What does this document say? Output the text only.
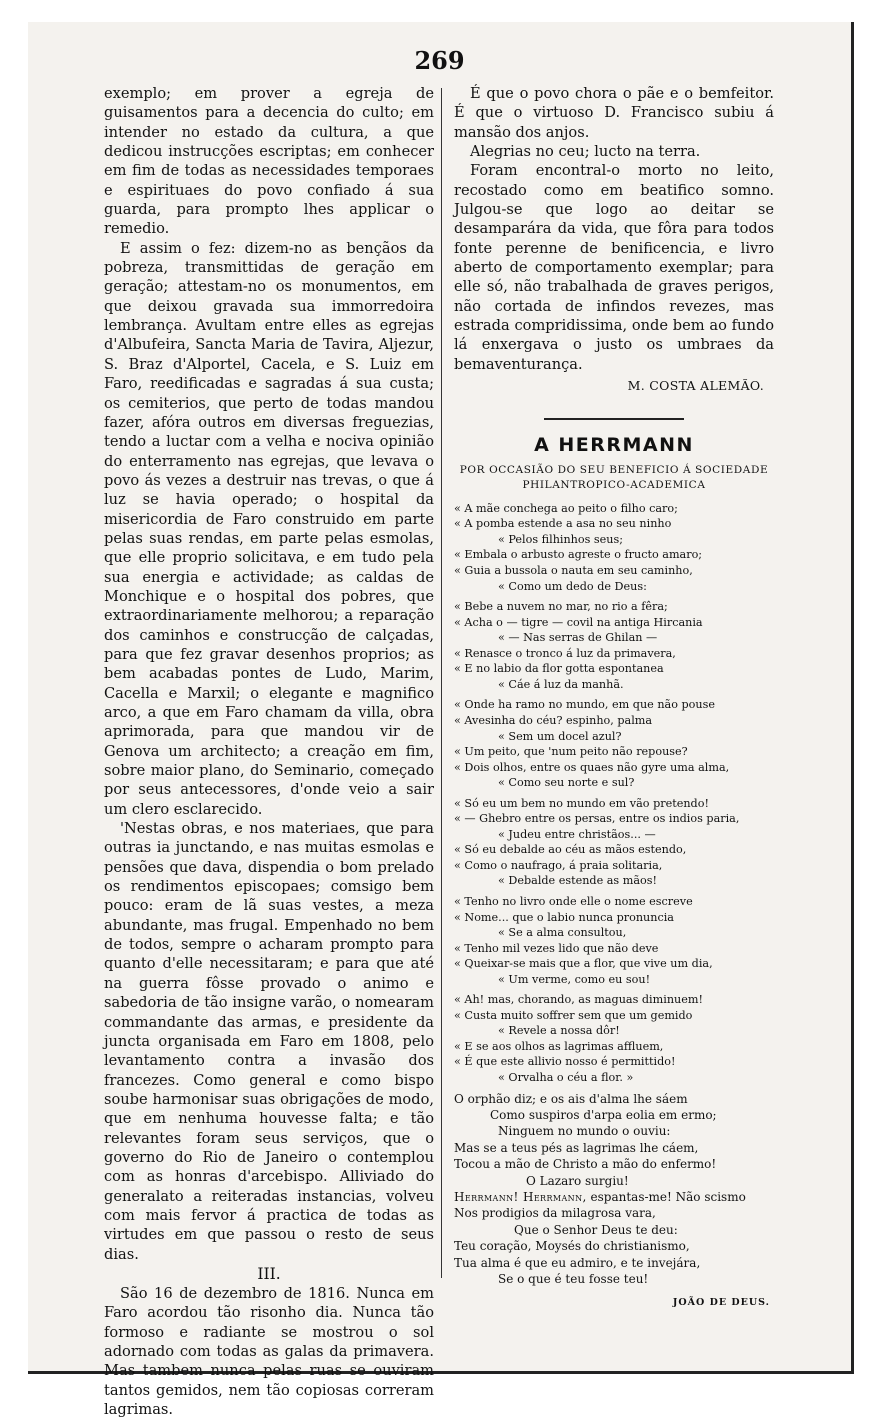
269

exemplo; em prover a egreja de guisamentos para a decencia do culto; em intender no estado da cultura, a que dedicou instrucções escriptas; em conhecer em fim de todas as necessidades temporaes e espirituaes do povo confiado á sua guarda, para prompto lhes applicar o remedio.

E assim o fez: dizem-no as bençãos da pobreza, transmittidas de geração em geração; attestam-no os monumentos, em que deixou gravada sua immorredoira lembrança. Avultam entre elles as egrejas d'Albufeira, Sancta Maria de Tavira, Aljezur, S. Braz d'Alportel, Cacela, e S. Luiz em Faro, reedificadas e sagradas á sua custa; os cemiterios, que perto de todas mandou fazer, afóra outros em diversas freguezias, tendo a luctar com a velha e nociva opinião do enterramento nas egrejas, que levava o povo ás vezes a destruir nas trevas, o que á luz se havia operado; o hospital da misericordia de Faro construido em parte pelas suas rendas, em parte pelas esmolas, que elle proprio solicitava, e em tudo pela sua energia e actividade; as caldas de Monchique e o hospital dos pobres, que extraordinariamente melhorou; a reparação dos caminhos e construcção de calçadas, para que fez gravar desenhos proprios; as bem acabadas pontes de Ludo, Marim, Cacella e Marxil; o elegante e magnifico arco, a que em Faro chamam da villa, obra aprimorada, para que mandou vir de Genova um architecto; a creação em fim, sobre maior plano, do Seminario, começado por seus antecessores, d'onde veio a sair um clero esclarecido.

'Nestas obras, e nos materiaes, que para outras ia junctando, e nas muitas esmolas e pensões que dava, dispendia o bom prelado os rendimentos episcopaes; comsigo bem pouco: eram de lã suas vestes, a meza abundante, mas frugal. Empenhado no bem de todos, sempre o acharam prompto para quanto d'elle necessitaram; e para que até na guerra fôsse provado o animo e sabedoria de tão insigne varão, o nomearam commandante das armas, e presidente da juncta organisada em Faro em 1808, pelo levantamento contra a invasão dos francezes. Como general e como bispo soube harmonisar suas obrigações de modo, que em nenhuma houvesse falta; e tão relevantes foram seus serviços, que o governo do Rio de Janeiro o contemplou com as honras d'arcebispo. Alliviado do generalato a reiteradas instancias, volveu com mais fervor á practica de todas as virtudes em que passou o resto de seus dias.

III.

São 16 de dezembro de 1816. Nunca em Faro acordou tão risonho dia. Nunca tão formoso e radiante se mostrou o sol adornado com todas as galas da primavera. Mas tambem nunca pelas ruas se ouviram tantos gemidos, nem tão copiosas correram lagrimas.

É que o povo chora o pãe e o bemfeitor. É que o virtuoso D. Francisco subiu á mansão dos anjos.

Alegrias no ceu; lucto na terra.

Foram encontral-o morto no leito, recostado como em beatifico somno. Julgou-se que logo ao deitar se desamparára da vida, que fôra para todos fonte perenne de benificencia, e livro aberto de comportamento exemplar; para elle só, não trabalhada de graves perigos, não cortada de infindos revezes, mas estrada compridissima, onde bem ao fundo lá enxergava o justo os umbraes da bemaventurança.

M. COSTA ALEMÃO.

A HERRMANN
POR OCCASIÃO DO SEU BENEFICIO Á SOCIEDADE
PHILANTROPICO-ACADEMICA
« A mãe conchega ao peito o filho caro;
« A pomba estende a asa no seu ninho
« Pelos filhinhos seus;
« Embala o arbusto agreste o fructo amaro;
« Guia a bussola o nauta em seu caminho,
« Como um dedo de Deus:
« Bebe a nuvem no mar, no rio a fêra;
« Acha o — tigre — covil na antiga Hircania
« — Nas serras de Ghilan —
« Renasce o tronco á luz da primavera,
« E no labio da flor gotta espontanea
« Cáe á luz da manhã.
« Onde ha ramo no mundo, em que não pouse
« Avesinha do céu? espinho, palma
« Sem um docel azul?
« Um peito, que 'num peito não repouse?
« Dois olhos, entre os quaes não gyre uma alma,
« Como seu norte e sul?
« Só eu um bem no mundo em vão pretendo!
« — Ghebro entre os persas, entre os indios paria,
« Judeu entre christãos... —
« Só eu debalde ao céu as mãos estendo,
« Como o naufrago, á praia solitaria,
« Debalde estende as mãos!
« Tenho no livro onde elle o nome escreve
« Nome... que o labio nunca pronuncia
« Se a alma consultou,
« Tenho mil vezes lido que não deve
« Queixar-se mais que a flor, que vive um dia,
« Um verme, como eu sou!
« Ah! mas, chorando, as maguas diminuem!
« Custa muito soffrer sem que um gemido
« Revele a nossa dôr!
« E se aos olhos as lagrimas affluem,
« É que este allivio nosso é permittido!
« Orvalha o céu a flor. »
O orphão diz; e os ais d'alma lhe sáem
Como suspiros d'arpa eolia em ermo;
Ninguem no mundo o ouviu:
Mas se a teus pés as lagrimas lhe cáem,
Tocou a mão de Christo a mão do enfermo!
O Lazaro surgiu!
Herrmann! Herrmann, espantas-me! Não scismo
Nos prodigios da milagrosa vara,
Que o Senhor Deus te deu:
Teu coração, Moysés do christianismo,
Tua alma é que eu admiro, e te invejára,
Se o que é teu fosse teu!

JOÃO DE DEUS.
